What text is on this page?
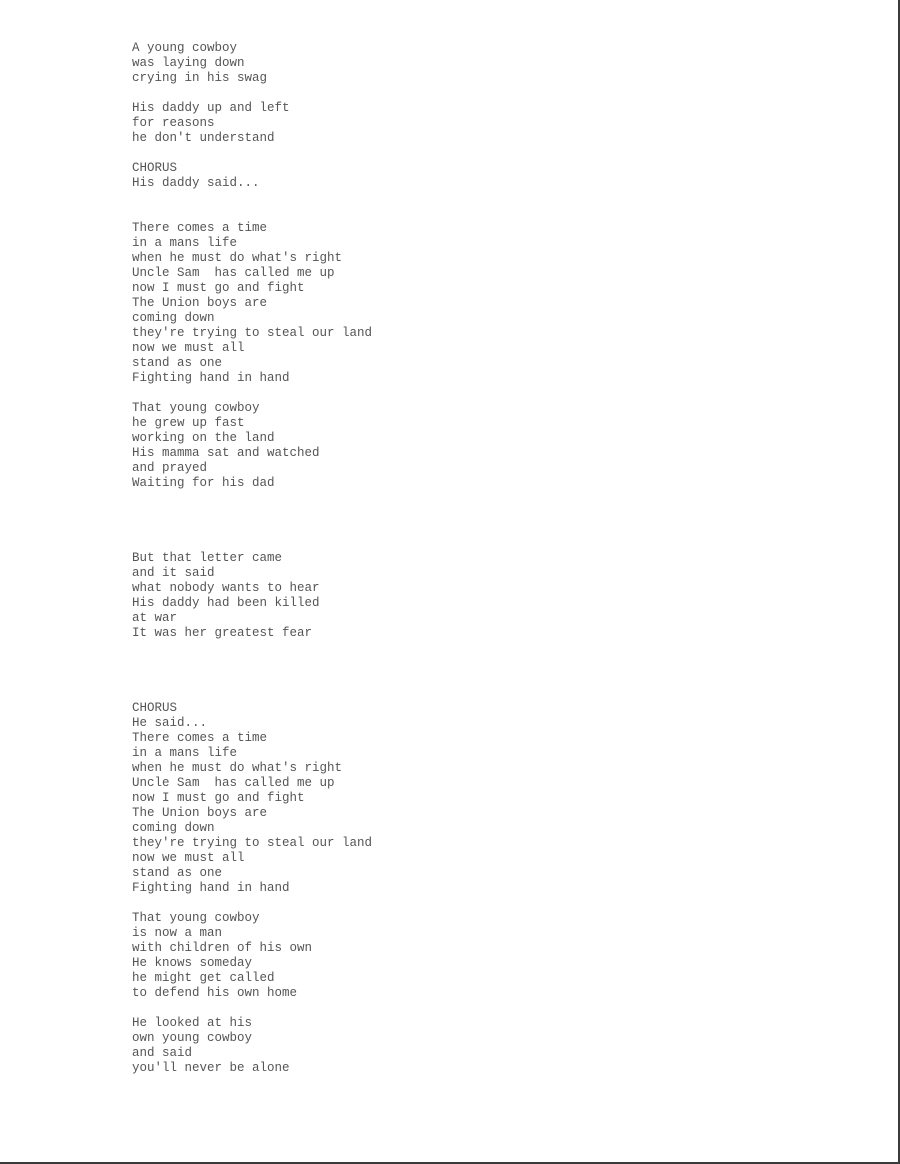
A young cowboy
was laying down
crying in his swag
His daddy up and left
for reasons
he don't understand
CHORUS
His daddy said...
There comes a time
in a mans life
when he must do what's right
Uncle Sam  has called me up
now I must go and fight
The Union boys are
coming down
they're trying to steal our land
now we must all
stand as one
Fighting hand in hand
That young cowboy
he grew up fast
working on the land
His mamma sat and watched
and prayed
Waiting for his dad
But that letter came
and it said
what nobody wants to hear
His daddy had been killed
at war
It was her greatest fear
CHORUS
He said...
There comes a time
in a mans life
when he must do what's right
Uncle Sam  has called me up
now I must go and fight
The Union boys are
coming down
they're trying to steal our land
now we must all
stand as one
Fighting hand in hand
That young cowboy
is now a man
with children of his own
He knows someday
he might get called
to defend his own home
He looked at his
own young cowboy
and said
you'll never be alone
